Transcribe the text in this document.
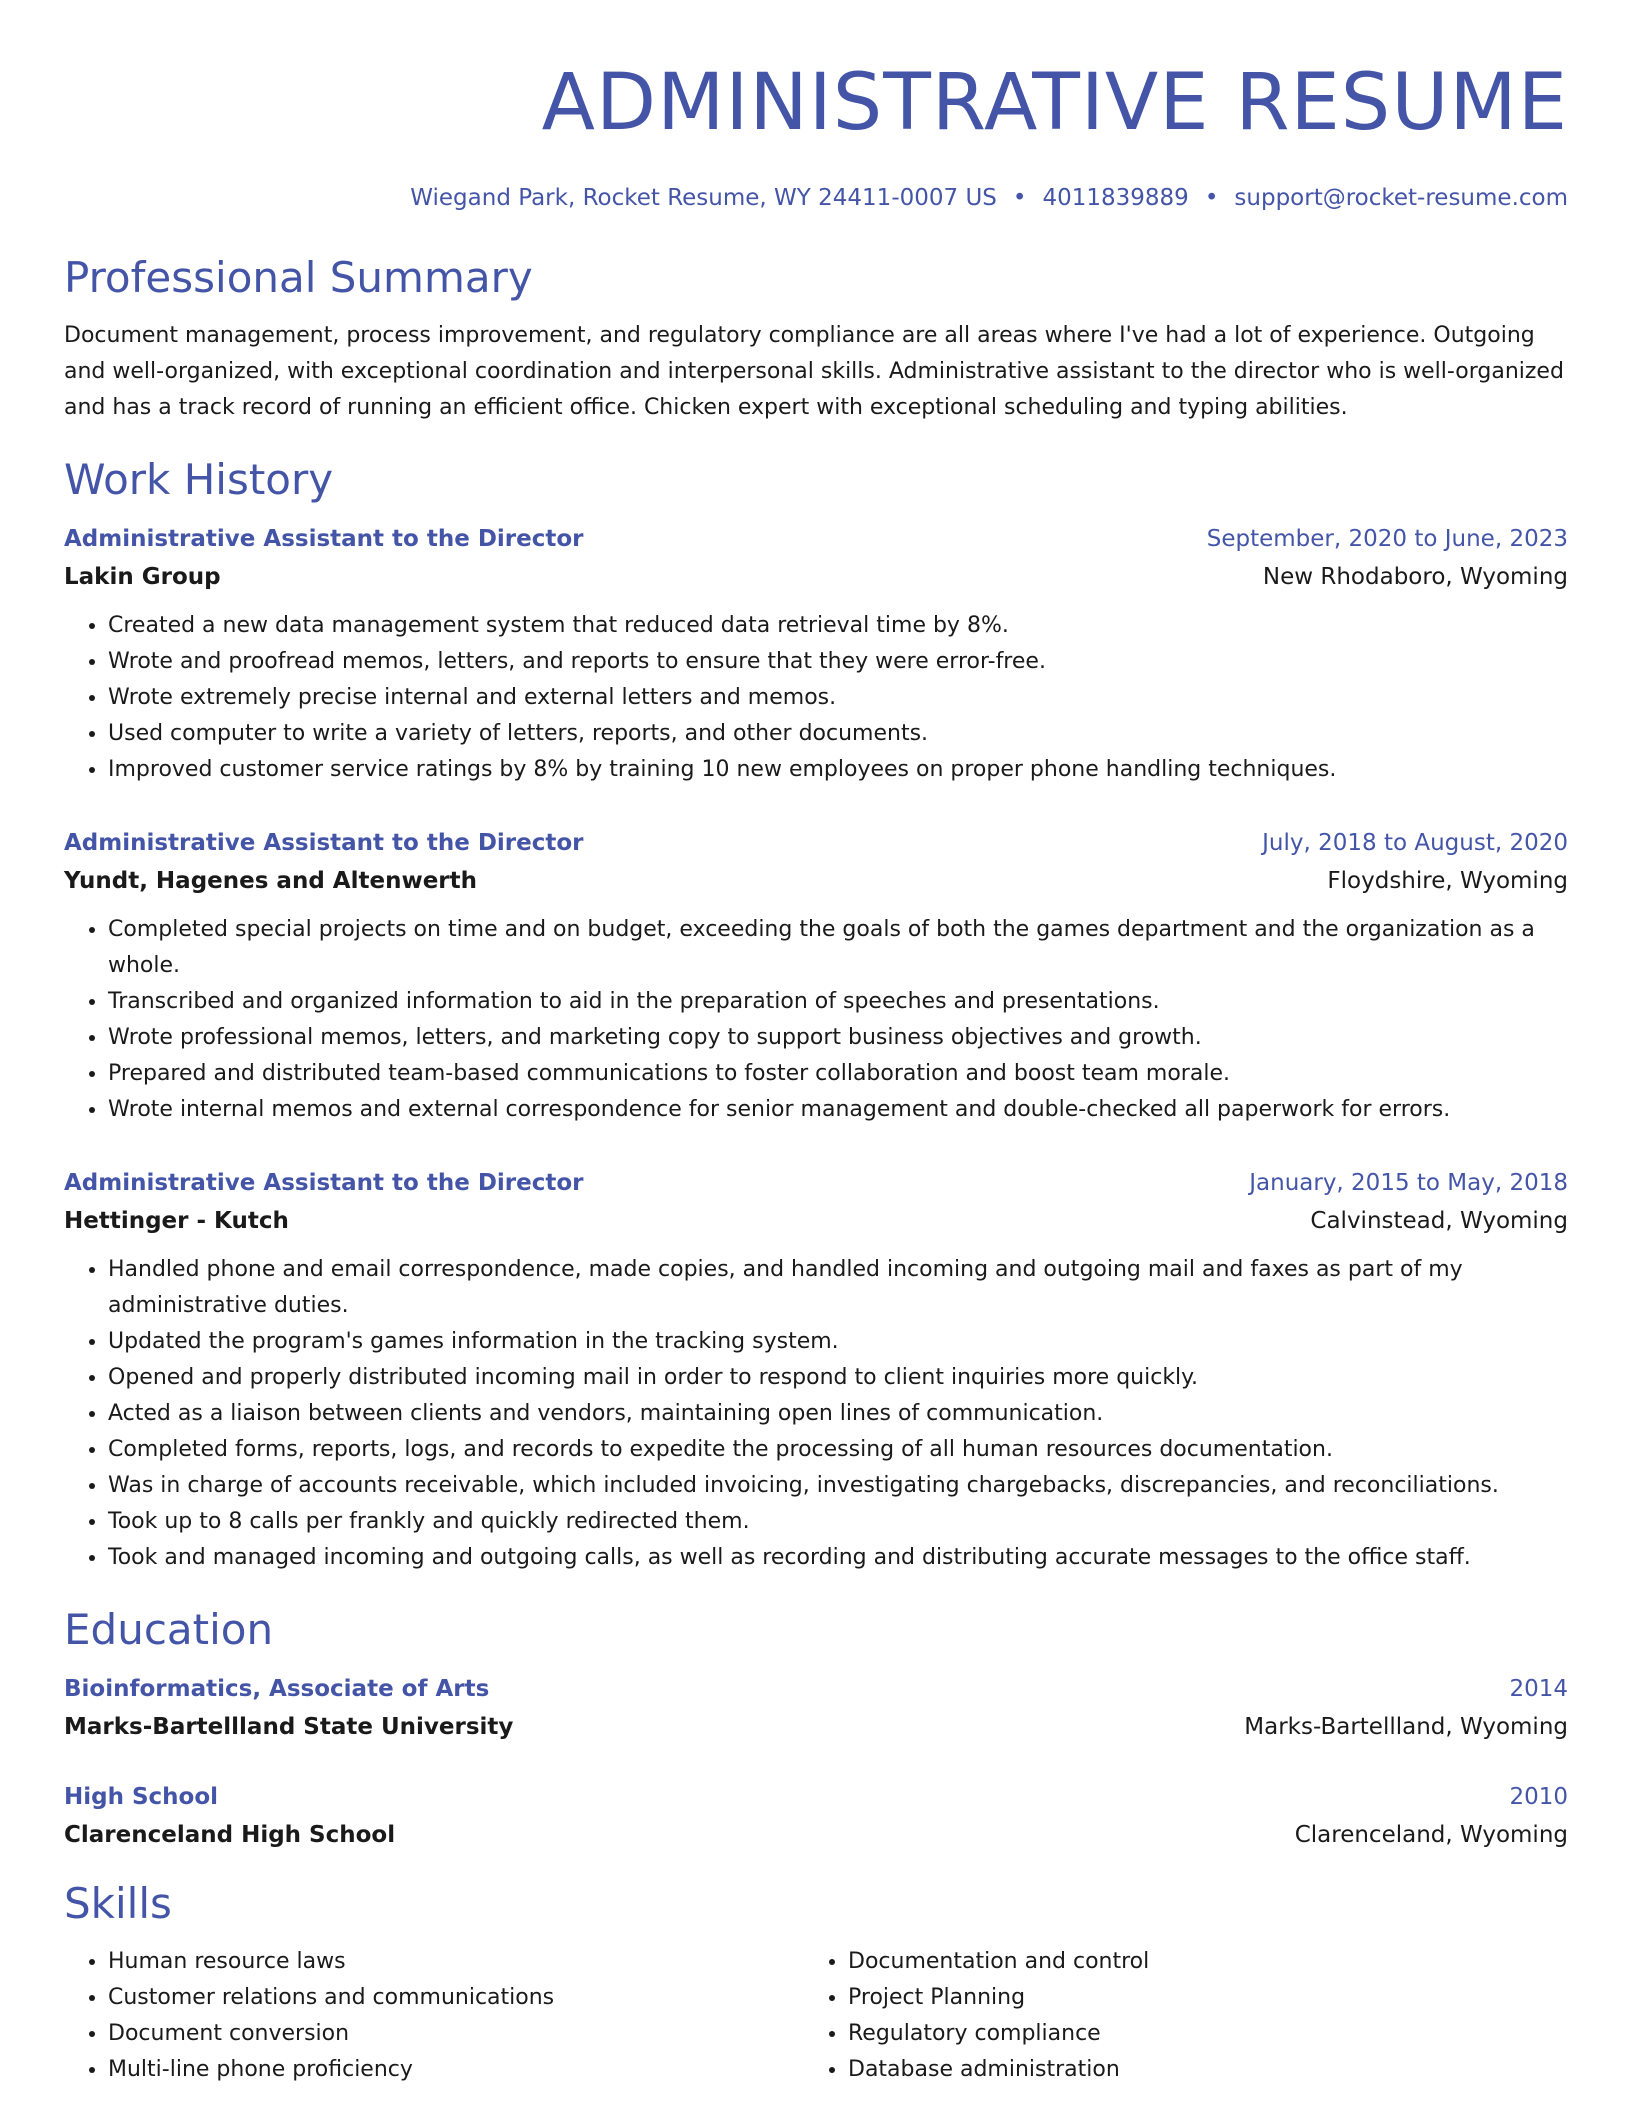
ADMINISTRATIVE RESUME
Wiegand Park, Rocket Resume, WY 24411-0007 US • 4011839889 • support@rocket-resume.com
Professional Summary

Document management, process improvement, and regulatory compliance are all areas where I've had a lot of experience. Outgoing and well-organized, with exceptional coordination and interpersonal skills. Administrative assistant to the director who is well-organized and has a track record of running an efficient office. Chicken expert with exceptional scheduling and typing abilities.

Work History
Administrative Assistant to the Director	September, 2020 to June, 2023
Lakin Group	New Rhodaboro, Wyoming
• Created a new data management system that reduced data retrieval time by 8%.
• Wrote and proofread memos, letters, and reports to ensure that they were error-free.
• Wrote extremely precise internal and external letters and memos.
• Used computer to write a variety of letters, reports, and other documents.
• Improved customer service ratings by 8% by training 10 new employees on proper phone handling techniques.
Administrative Assistant to the Director	July, 2018 to August, 2020
Yundt, Hagenes and Altenwerth	Floydshire, Wyoming
• Completed special projects on time and on budget, exceeding the goals of both the games department and the organization as a whole.
• Transcribed and organized information to aid in the preparation of speeches and presentations.
• Wrote professional memos, letters, and marketing copy to support business objectives and growth.
• Prepared and distributed team-based communications to foster collaboration and boost team morale.
• Wrote internal memos and external correspondence for senior management and double-checked all paperwork for errors.
Administrative Assistant to the Director	January, 2015 to May, 2018
Hettinger - Kutch	Calvinstead, Wyoming
• Handled phone and email correspondence, made copies, and handled incoming and outgoing mail and faxes as part of my administrative duties.
• Updated the program's games information in the tracking system.
• Opened and properly distributed incoming mail in order to respond to client inquiries more quickly.
• Acted as a liaison between clients and vendors, maintaining open lines of communication.
• Completed forms, reports, logs, and records to expedite the processing of all human resources documentation.
• Was in charge of accounts receivable, which included invoicing, investigating chargebacks, discrepancies, and reconciliations.
• Took up to 8 calls per frankly and quickly redirected them.
• Took and managed incoming and outgoing calls, as well as recording and distributing accurate messages to the office staff.
Education
Bioinformatics, Associate of Arts	2014
Marks-Bartellland State University	Marks-Bartellland, Wyoming
High School	2010
Clarenceland High School	Clarenceland, Wyoming
Skills
• Human resource laws
• Customer relations and communications
• Document conversion
• Multi-line phone proficiency
• Documentation and control
• Project Planning
• Regulatory compliance
• Database administration
